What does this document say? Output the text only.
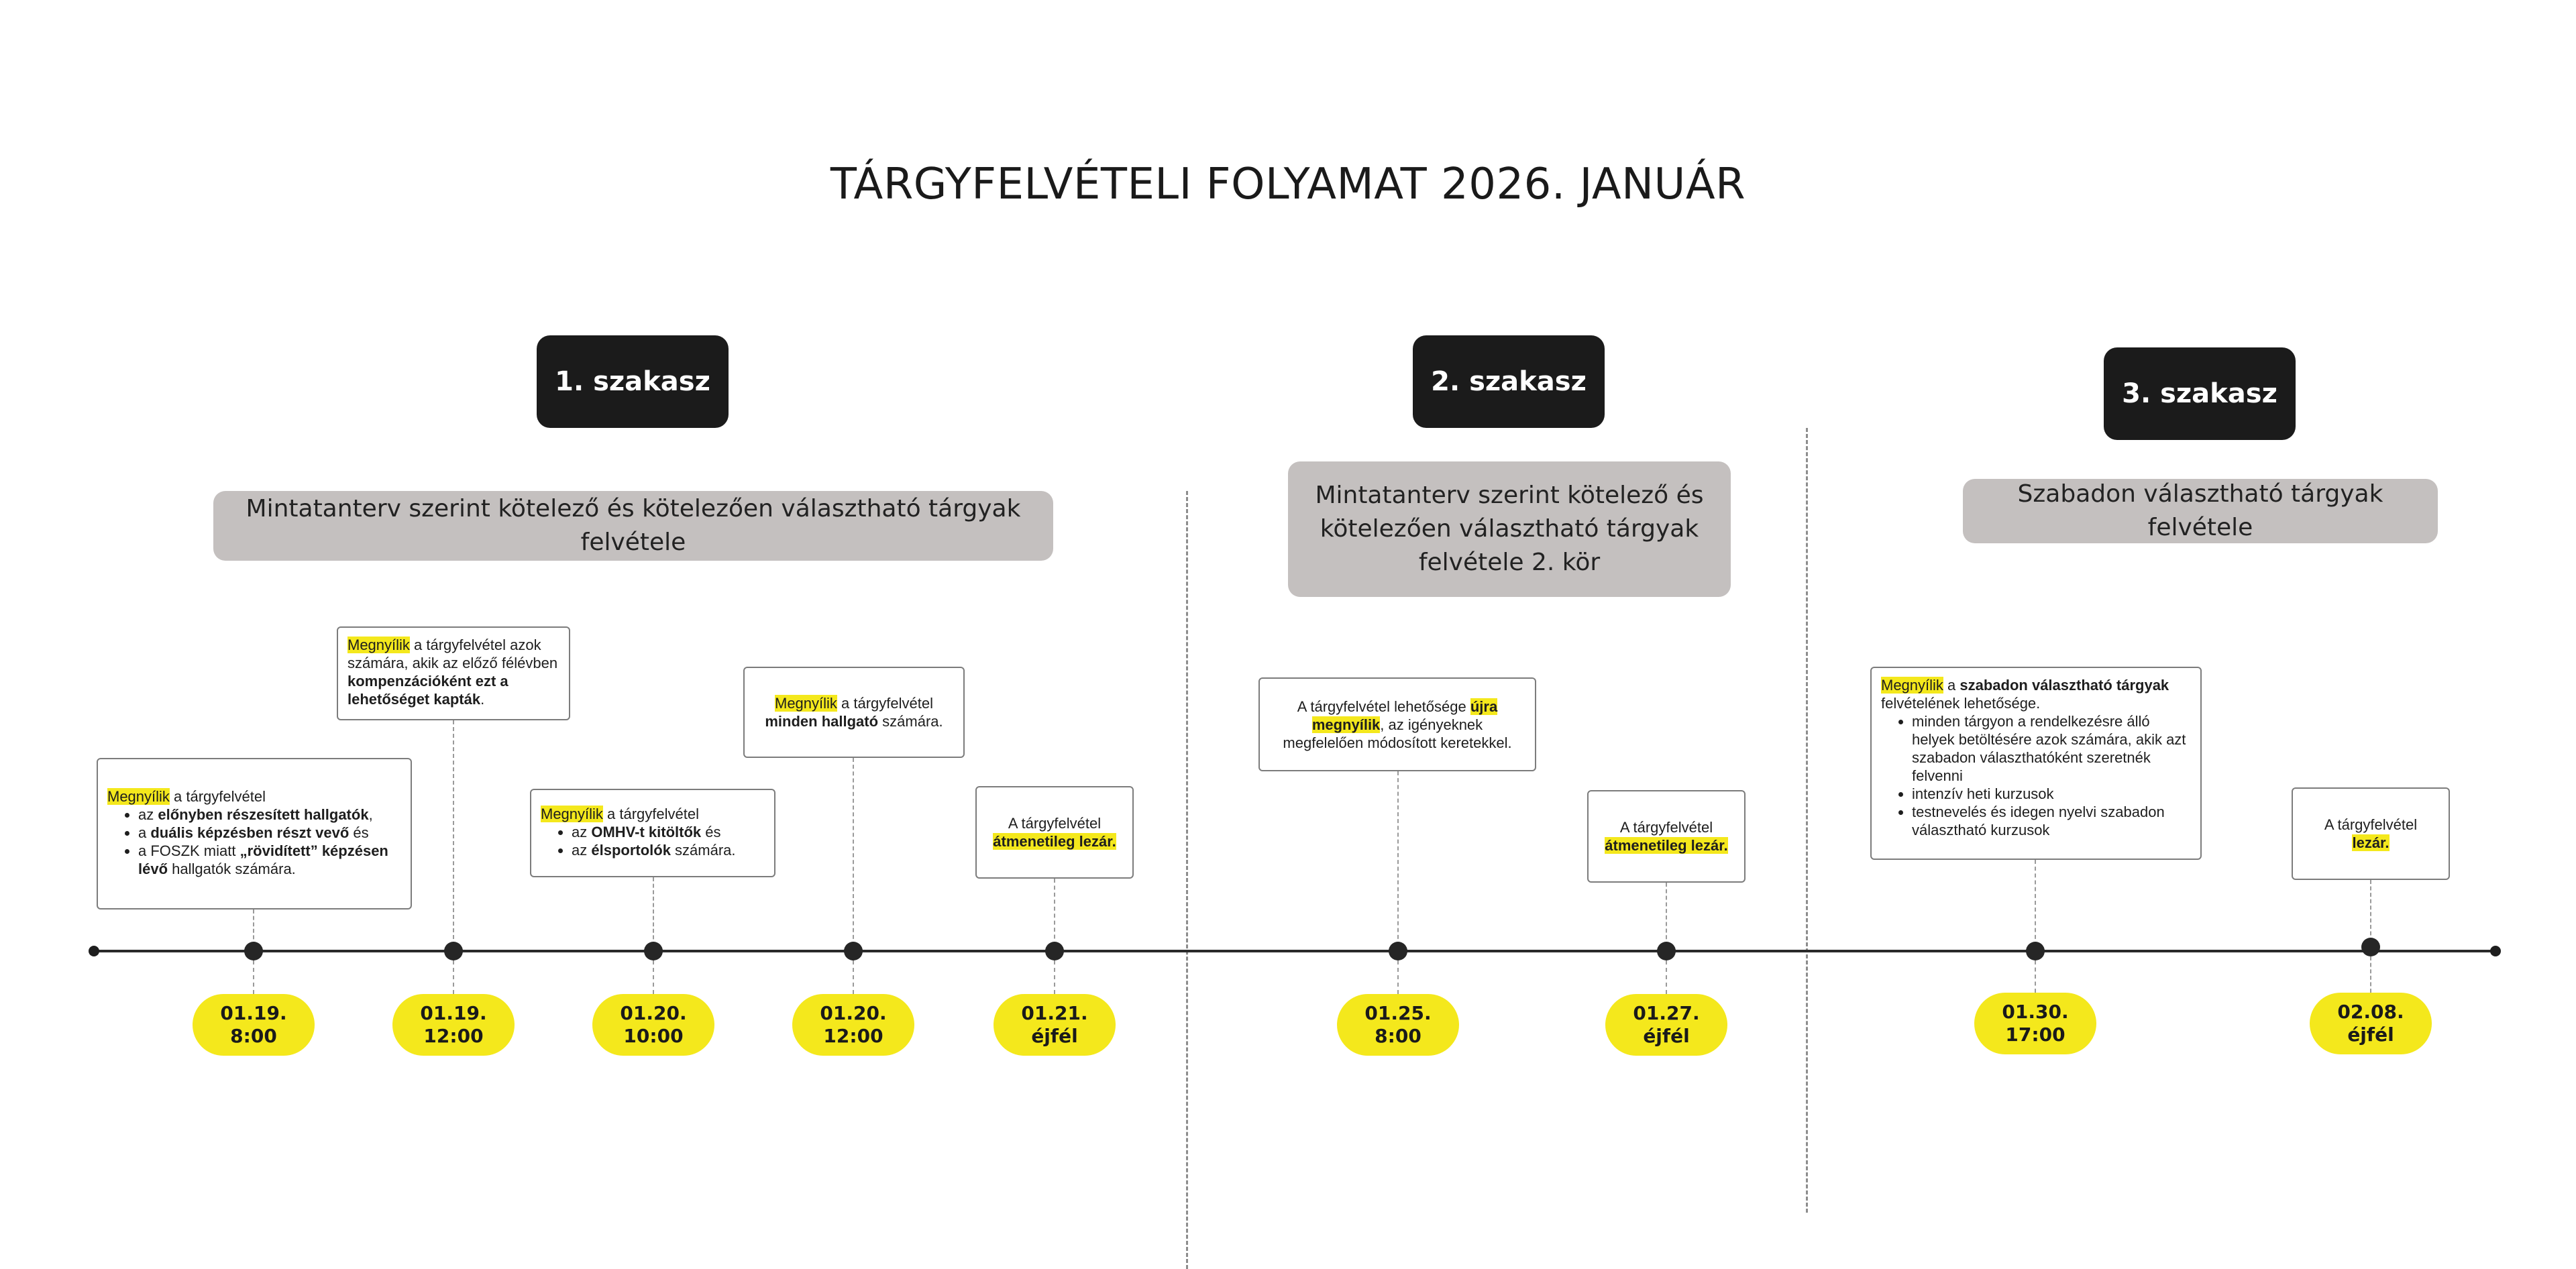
TÁRGYFELVÉTELI FOLYAMAT 2026. JANUÁR
1. szakasz	2. szakasz	3. szakasz
Mintatanterv szerint kötelező és kötelezően választható tárgyak felvétele
Mintatanterv szerint kötelező és kötelezően választható tárgyak felvétele 2. kör
Szabadon választható tárgyak felvétele
Megnyílik a tárgyfelvétel
• az előnyben részesített hallgatók,
• a duális képzésben részt vevő és
• a FOSZK miatt „rövidített” képzésen lévő hallgatók számára.
01.19.
8:00
Megnyílik a tárgyfelvétel azok számára, akik az előző félévben kompenzációként ezt a lehetőséget kapták.
01.19.
12:00
Megnyílik a tárgyfelvétel
• az OMHV-t kitöltők és
• az élsportolók számára.
01.20.
10:00
Megnyílik a tárgyfelvétel minden hallgató számára.
01.20.
12:00
A tárgyfelvétel
átmenetileg lezár.
01.21.
éjfél
A tárgyfelvétel lehetősége újra megnyílik, az igényeknek megfelelően módosított keretekkel.
01.25.
8:00
A tárgyfelvétel
átmenetileg lezár.
01.27.
éjfél
Megnyílik a szabadon választható tárgyak felvételének lehetősége.
• minden tárgyon a rendelkezésre álló helyek betöltésére azok számára, akik azt szabadon választhatóként szeretnék felvenni
• intenzív heti kurzusok
• testnevelés és idegen nyelvi szabadon választható kurzusok
01.30.
17:00
A tárgyfelvétel
lezár.
02.08.
éjfél
